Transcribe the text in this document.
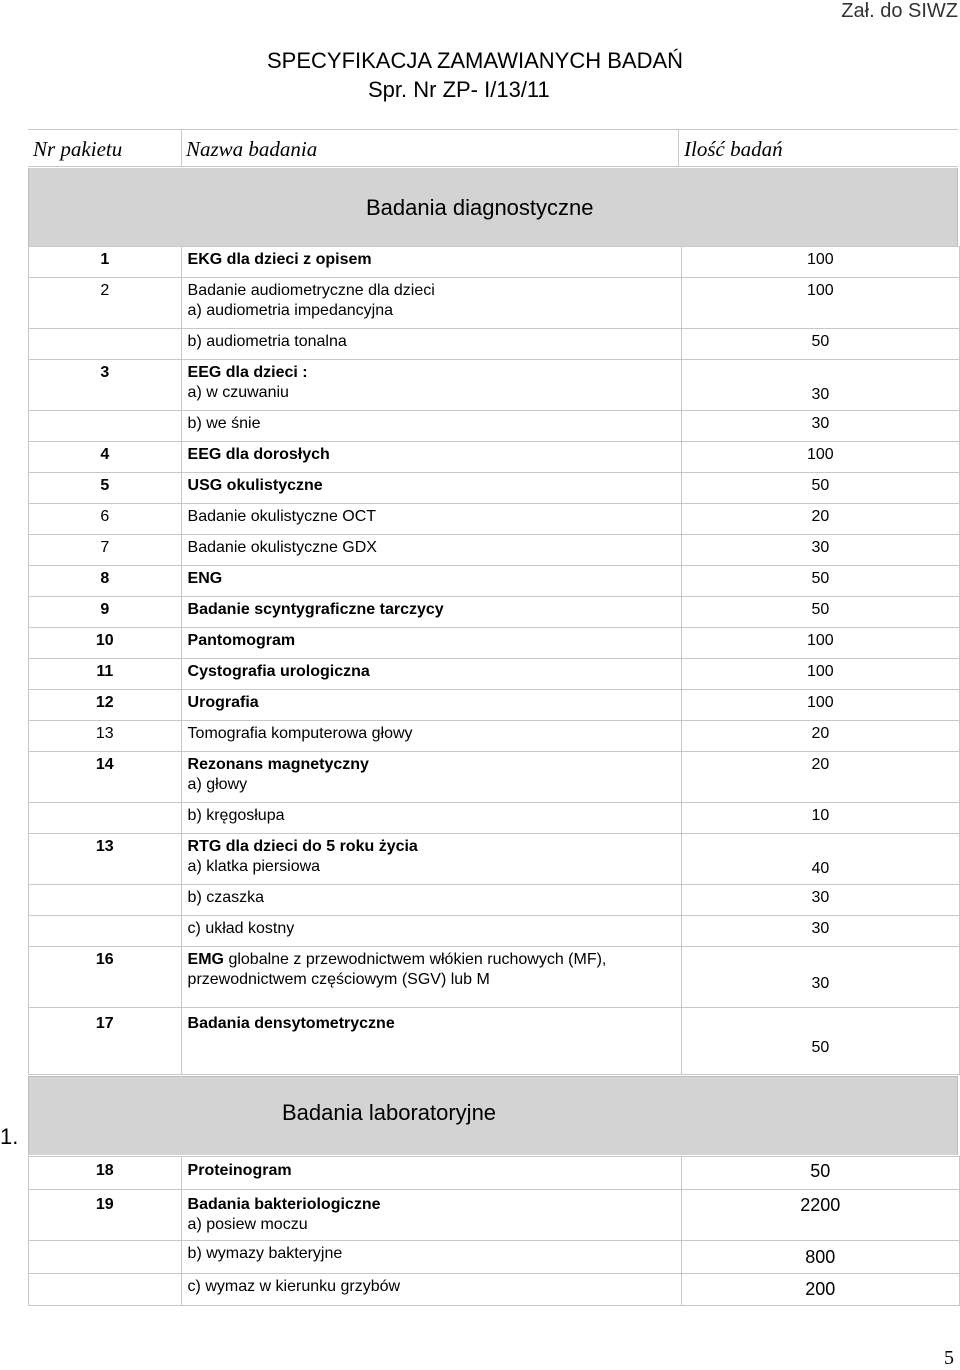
Zał. do SIWZ
SPECYFIKACJA ZAMAWIANYCH BADAŃ
Spr. Nr ZP- I/13/11
Nr pakietu	Nazwa badania	Ilość badań
Badania diagnostyczne
1	EKG dla dzieci z opisem	100

2	Badanie audiometryczne dla dzieci
a) audiometria impedancyjna	100

	b) audiometria tonalna	50

3	EEG dla dzieci :
a) w czuwaniu	30

	b) we śnie	30

4	EEG dla dorosłych	100

5	USG okulistyczne	50

6	Badanie okulistyczne OCT	20

7	Badanie okulistyczne GDX	30

8	ENG	50

9	Badanie scyntygraficzne tarczycy	50

10	Pantomogram	100

11	Cystografia urologiczna	100

12	Urografia	100

13	Tomografia komputerowa głowy	20

14	Rezonans magnetyczny
a) głowy	20

	b) kręgosłupa	10

13	RTG dla dzieci do 5 roku życia
a) klatka piersiowa	40

	b) czaszka	30

	c) układ kostny	30

16	EMG globalne z przewodnictwem włókien ruchowych (MF),
przewodnictwem częściowym (SGV) lub M	30

17	Badania densytometryczne	50
1.
Badania laboratoryjne
18	Proteinogram	50

19	Badania bakteriologiczne
a) posiew moczu	2200

	b) wymazy bakteryjne	800

	c) wymaz w kierunku grzybów	200
5
